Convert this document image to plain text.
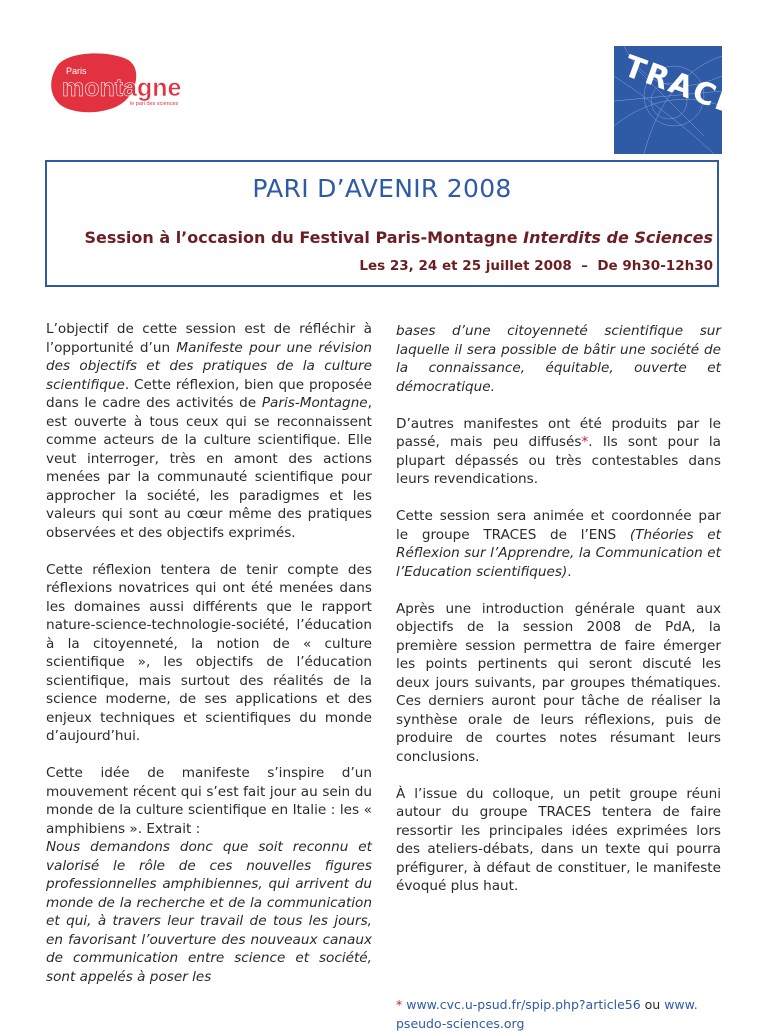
Paris
montagne
le pari des sciences	TRACES
PARI D’AVENIR 2008
Session à l’occasion du Festival Paris-Montagne Interdits de Sciences
Les 23, 24 et 25 juillet 2008  –  De 9h30-12h30

L’objectif de cette session est de réfléchir à l’opportunité d’un Manifeste pour une révision des objectifs et des pratiques de la culture scientifique. Cette réflexion, bien que proposée dans le cadre des activités de Paris-Montagne, est ouverte à tous ceux qui se reconnaissent comme acteurs de la culture scientifique. Elle veut interroger, très en amont des actions menées par la communauté scientifique pour approcher la société, les paradigmes et les valeurs qui sont au cœur même des pratiques observées et des objectifs exprimés.

Cette réflexion tentera de tenir compte des réflexions novatrices qui ont été menées dans les domaines aussi différents que le rapport nature-science-technologie-société, l’éducation à la citoyenneté, la notion de « culture scientifique », les objectifs de l’éducation scientifique, mais surtout des réalités de la science moderne, de ses applications et des enjeux techniques et scientifiques du monde d’aujourd’hui.

Cette idée de manifeste s’inspire d’un mouvement récent qui s’est fait jour au sein du monde de la culture scientifique en Italie : les « amphibiens ». Extrait :

Nous demandons donc que soit reconnu et valorisé le rôle de ces nouvelles figures professionnelles amphibiennes, qui arrivent du monde de la recherche et de la communication et qui, à travers leur travail de tous les jours, en favorisant l’ouverture des nouveaux canaux de communication entre science et société, sont appelés à poser les

bases d’une citoyenneté scientifique sur laquelle il sera possible de bâtir une société de la connaissance, équitable, ouverte et démocratique.

D’autres manifestes ont été produits par le passé, mais peu diffusés*. Ils sont pour la plupart dépassés ou très contestables dans leurs revendications.

Cette session sera animée et coordonnée par le groupe TRACES de l’ENS (Théories et Réflexion sur l’Apprendre, la Communication et l’Education scientifiques).

Après une introduction générale quant aux objectifs de la session 2008 de PdA, la première session permettra de faire émerger les points pertinents qui seront discuté les deux jours suivants, par groupes thématiques. Ces derniers auront pour tâche de réaliser la synthèse orale de leurs réflexions, puis de produire de courtes notes résumant leurs conclusions.

À l’issue du colloque, un petit groupe réuni autour du groupe TRACES tentera de faire ressortir les principales idées exprimées lors des ateliers-débats, dans un texte qui pourra préfigurer, à défaut de constituer, le manifeste évoqué plus haut.

* www.cvc.u-psud.fr/spip.php?article56 ou www.
pseudo-sciences.org
